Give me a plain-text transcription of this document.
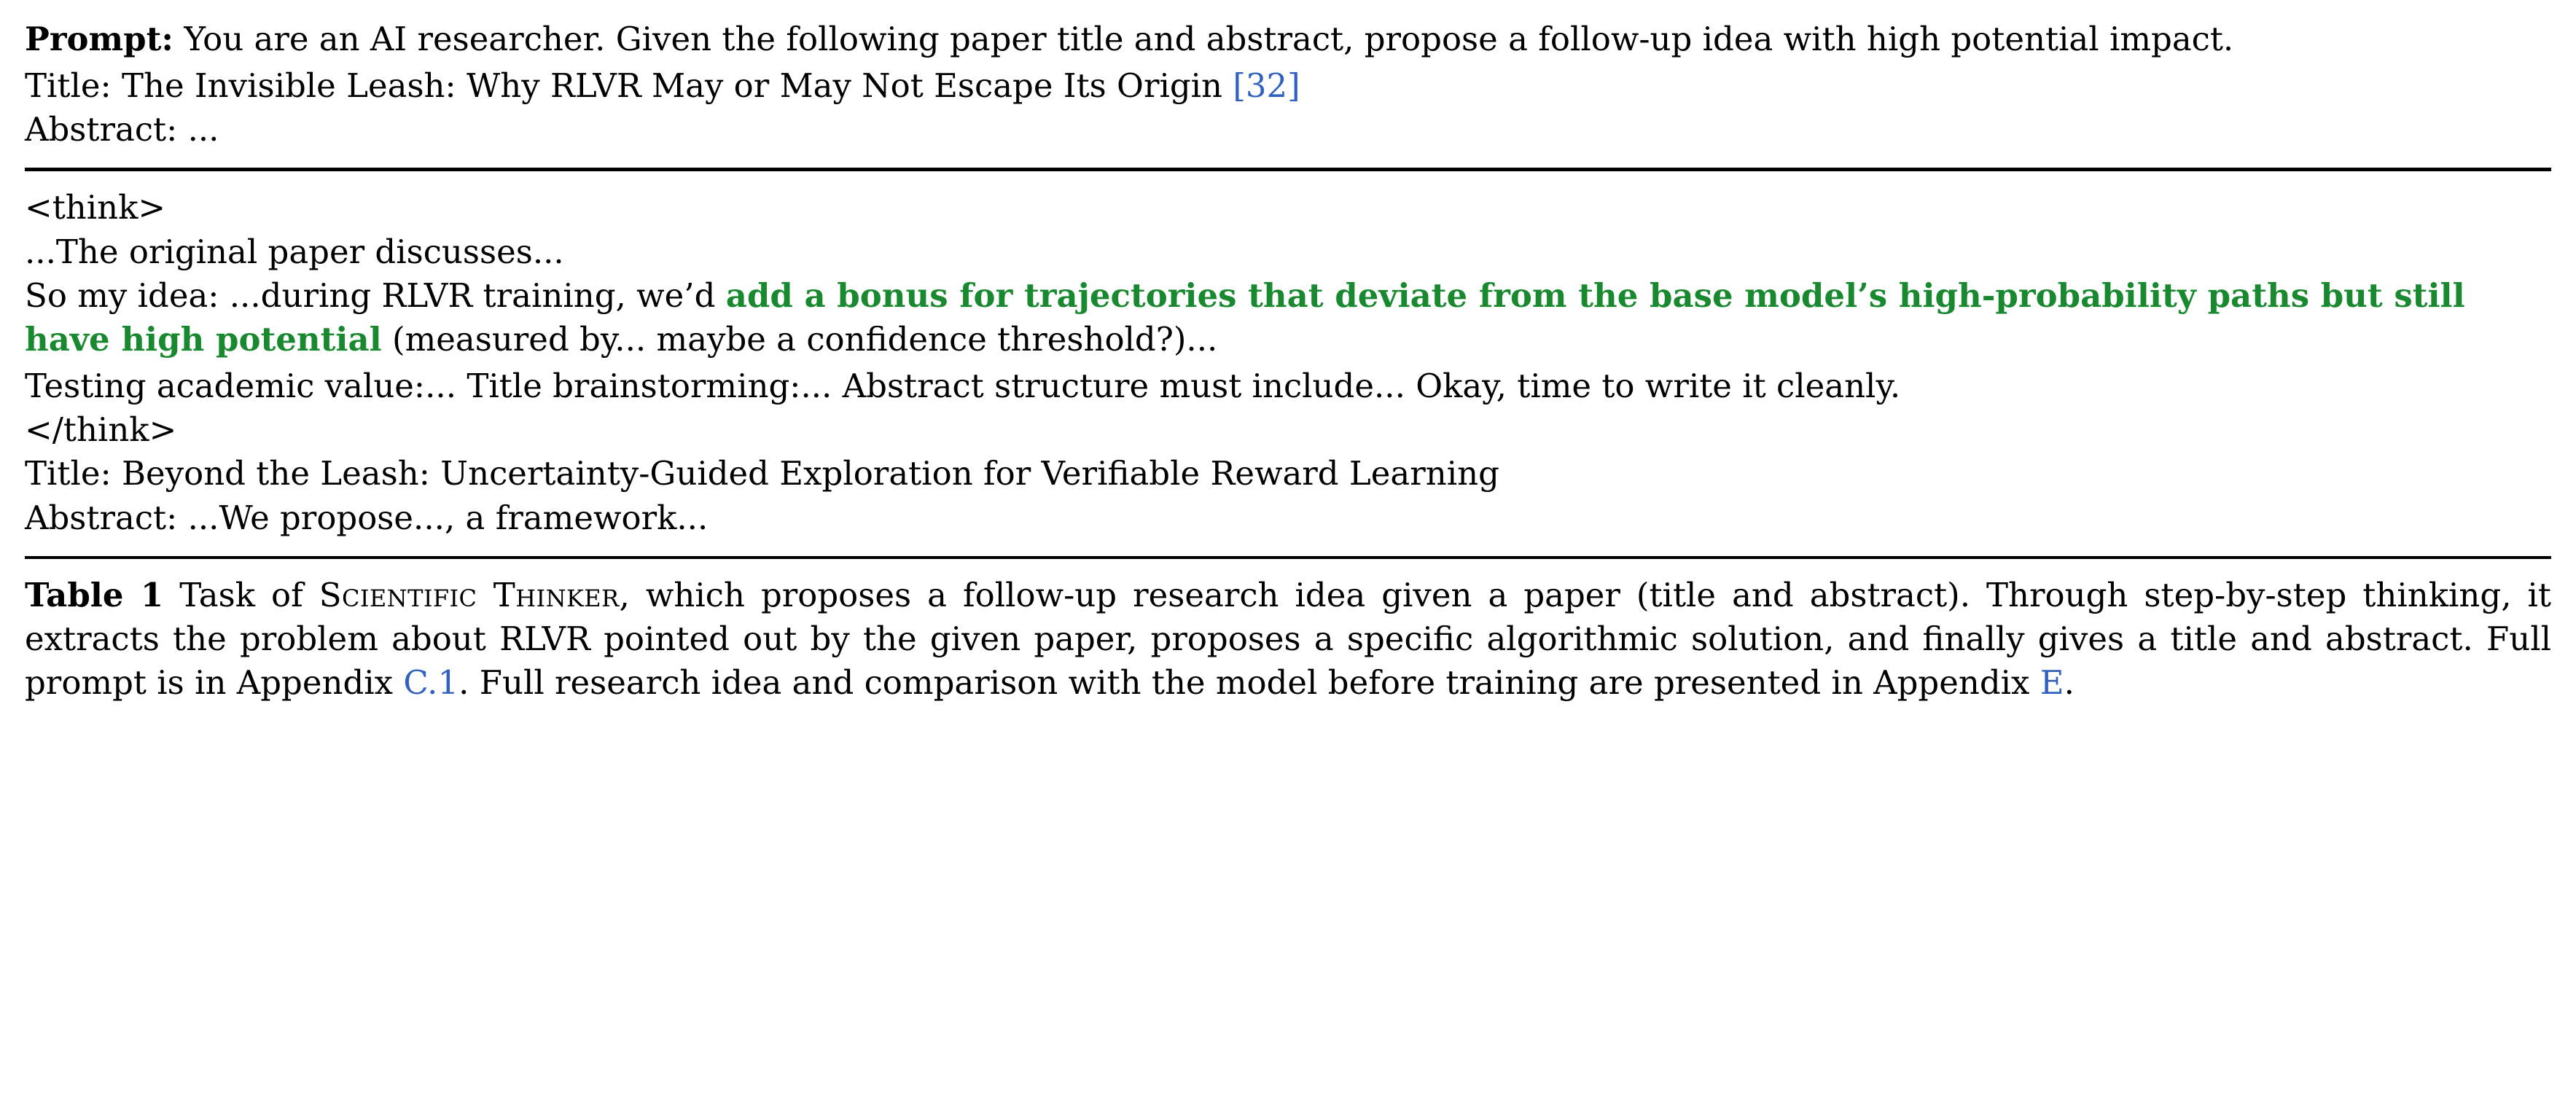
Prompt: You are an AI researcher. Given the following paper title and abstract, propose a follow-up idea with high potential impact.

Title: The Invisible Leash: Why RLVR May or May Not Escape Its Origin [32]

Abstract: ...

<think>

...The original paper discusses...

So my idea: ...during RLVR training, we’d add a bonus for trajectories that deviate from the base model’s high-probability paths but still have high potential (measured by... maybe a confidence threshold?)...

Testing academic value:... Title brainstorming:... Abstract structure must include... Okay, time to write it cleanly.

</think>

Title: Beyond the Leash: Uncertainty-Guided Exploration for Verifiable Reward Learning

Abstract: ...We propose..., a framework...

Table 1 Task of Scientific Thinker, which proposes a follow-up research idea given a paper (title and abstract). Through step-by-step thinking, it extracts the problem about RLVR pointed out by the given paper, proposes a specific algorithmic solution, and finally gives a title and abstract. Full prompt is in Appendix C.1. Full research idea and comparison with the model before training are presented in Appendix E.
